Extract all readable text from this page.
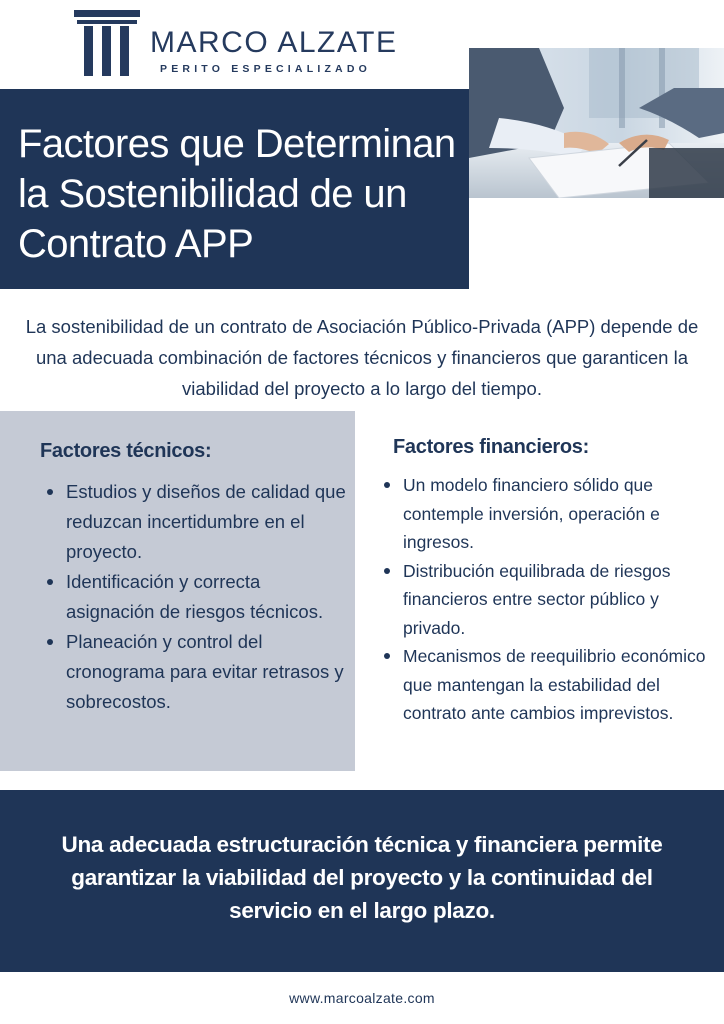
MARCO ALZATE
PERITO ESPECIALIZADO
Factores que Determinan la Sostenibilidad de un Contrato APP

La sostenibilidad de un contrato de Asociación Público-Privada (APP) depende de una adecuada combinación de factores técnicos y financieros que garanticen la viabilidad del proyecto a lo largo del tiempo.

Factores técnicos:
Estudios y diseños de calidad que reduzcan incertidumbre en el proyecto.
Identificación y correcta asignación de riesgos técnicos.
Planeación y control del cronograma para evitar retrasos y sobrecostos.
Factores financieros:
Un modelo financiero sólido que contemple inversión, operación e ingresos.
Distribución equilibrada de riesgos financieros entre sector público y privado.
Mecanismos de reequilibrio económico que mantengan la estabilidad del contrato ante cambios imprevistos.

Una adecuada estructuración técnica y financiera permite garantizar la viabilidad del proyecto y la continuidad del servicio en el largo plazo.

www.marcoalzate.com
